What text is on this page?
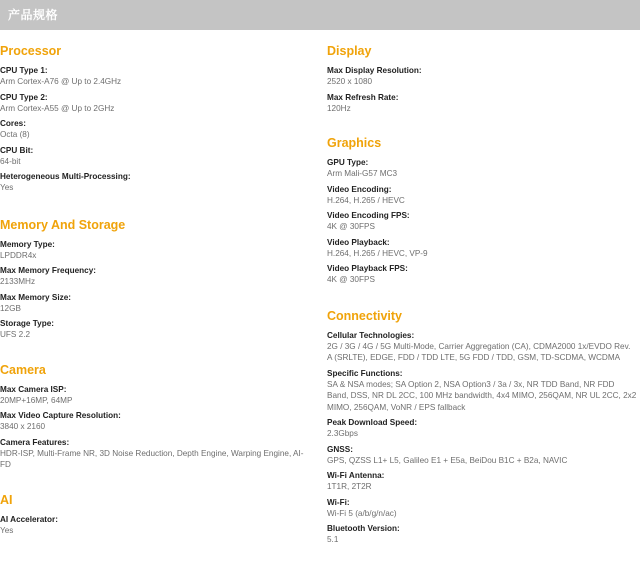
产品规格
Processor
CPU Type 1:
Arm Cortex-A76 @ Up to 2.4GHz
CPU Type 2:
Arm Cortex-A55 @ Up to 2GHz
Cores:
Octa (8)
CPU Bit:
64-bit
Heterogeneous Multi-Processing:
Yes
Memory And Storage
Memory Type:
LPDDR4x
Max Memory Frequency:
2133MHz
Max Memory Size:
12GB
Storage Type:
UFS 2.2
Camera
Max Camera ISP:
20MP+16MP, 64MP
Max Video Capture Resolution:
3840 x 2160
Camera Features:
HDR-ISP, Multi-Frame NR, 3D Noise Reduction, Depth Engine, Warping Engine, AI-FD
AI
AI Accelerator:
Yes
Display
Max Display Resolution:
2520 x 1080
Max Refresh Rate:
120Hz
Graphics
GPU Type:
Arm Mali-G57 MC3
Video Encoding:
H.264, H.265 / HEVC
Video Encoding FPS:
4K @ 30FPS
Video Playback:
H.264, H.265 / HEVC, VP-9
Video Playback FPS:
4K @ 30FPS
Connectivity
Cellular Technologies:
2G / 3G / 4G / 5G Multi-Mode, Carrier Aggregation (CA), CDMA2000 1x/EVDO Rev. A (SRLTE), EDGE, FDD / TDD LTE, 5G FDD / TDD, GSM, TD-SCDMA, WCDMA
Specific Functions:
SA & NSA modes; SA Option 2, NSA Option3 / 3a / 3x, NR TDD Band, NR FDD Band, DSS, NR DL 2CC, 100 MHz bandwidth, 4x4 MIMO, 256QAM, NR UL 2CC, 2x2 MIMO, 256QAM, VoNR / EPS fallback
Peak Download Speed:
2.3Gbps
GNSS:
GPS, QZSS L1+ L5, Galileo E1 + E5a, BeiDou B1C + B2a, NAVIC
Wi-Fi Antenna:
1T1R, 2T2R
Wi-Fi:
Wi-Fi 5 (a/b/g/n/ac)
Bluetooth Version:
5.1
